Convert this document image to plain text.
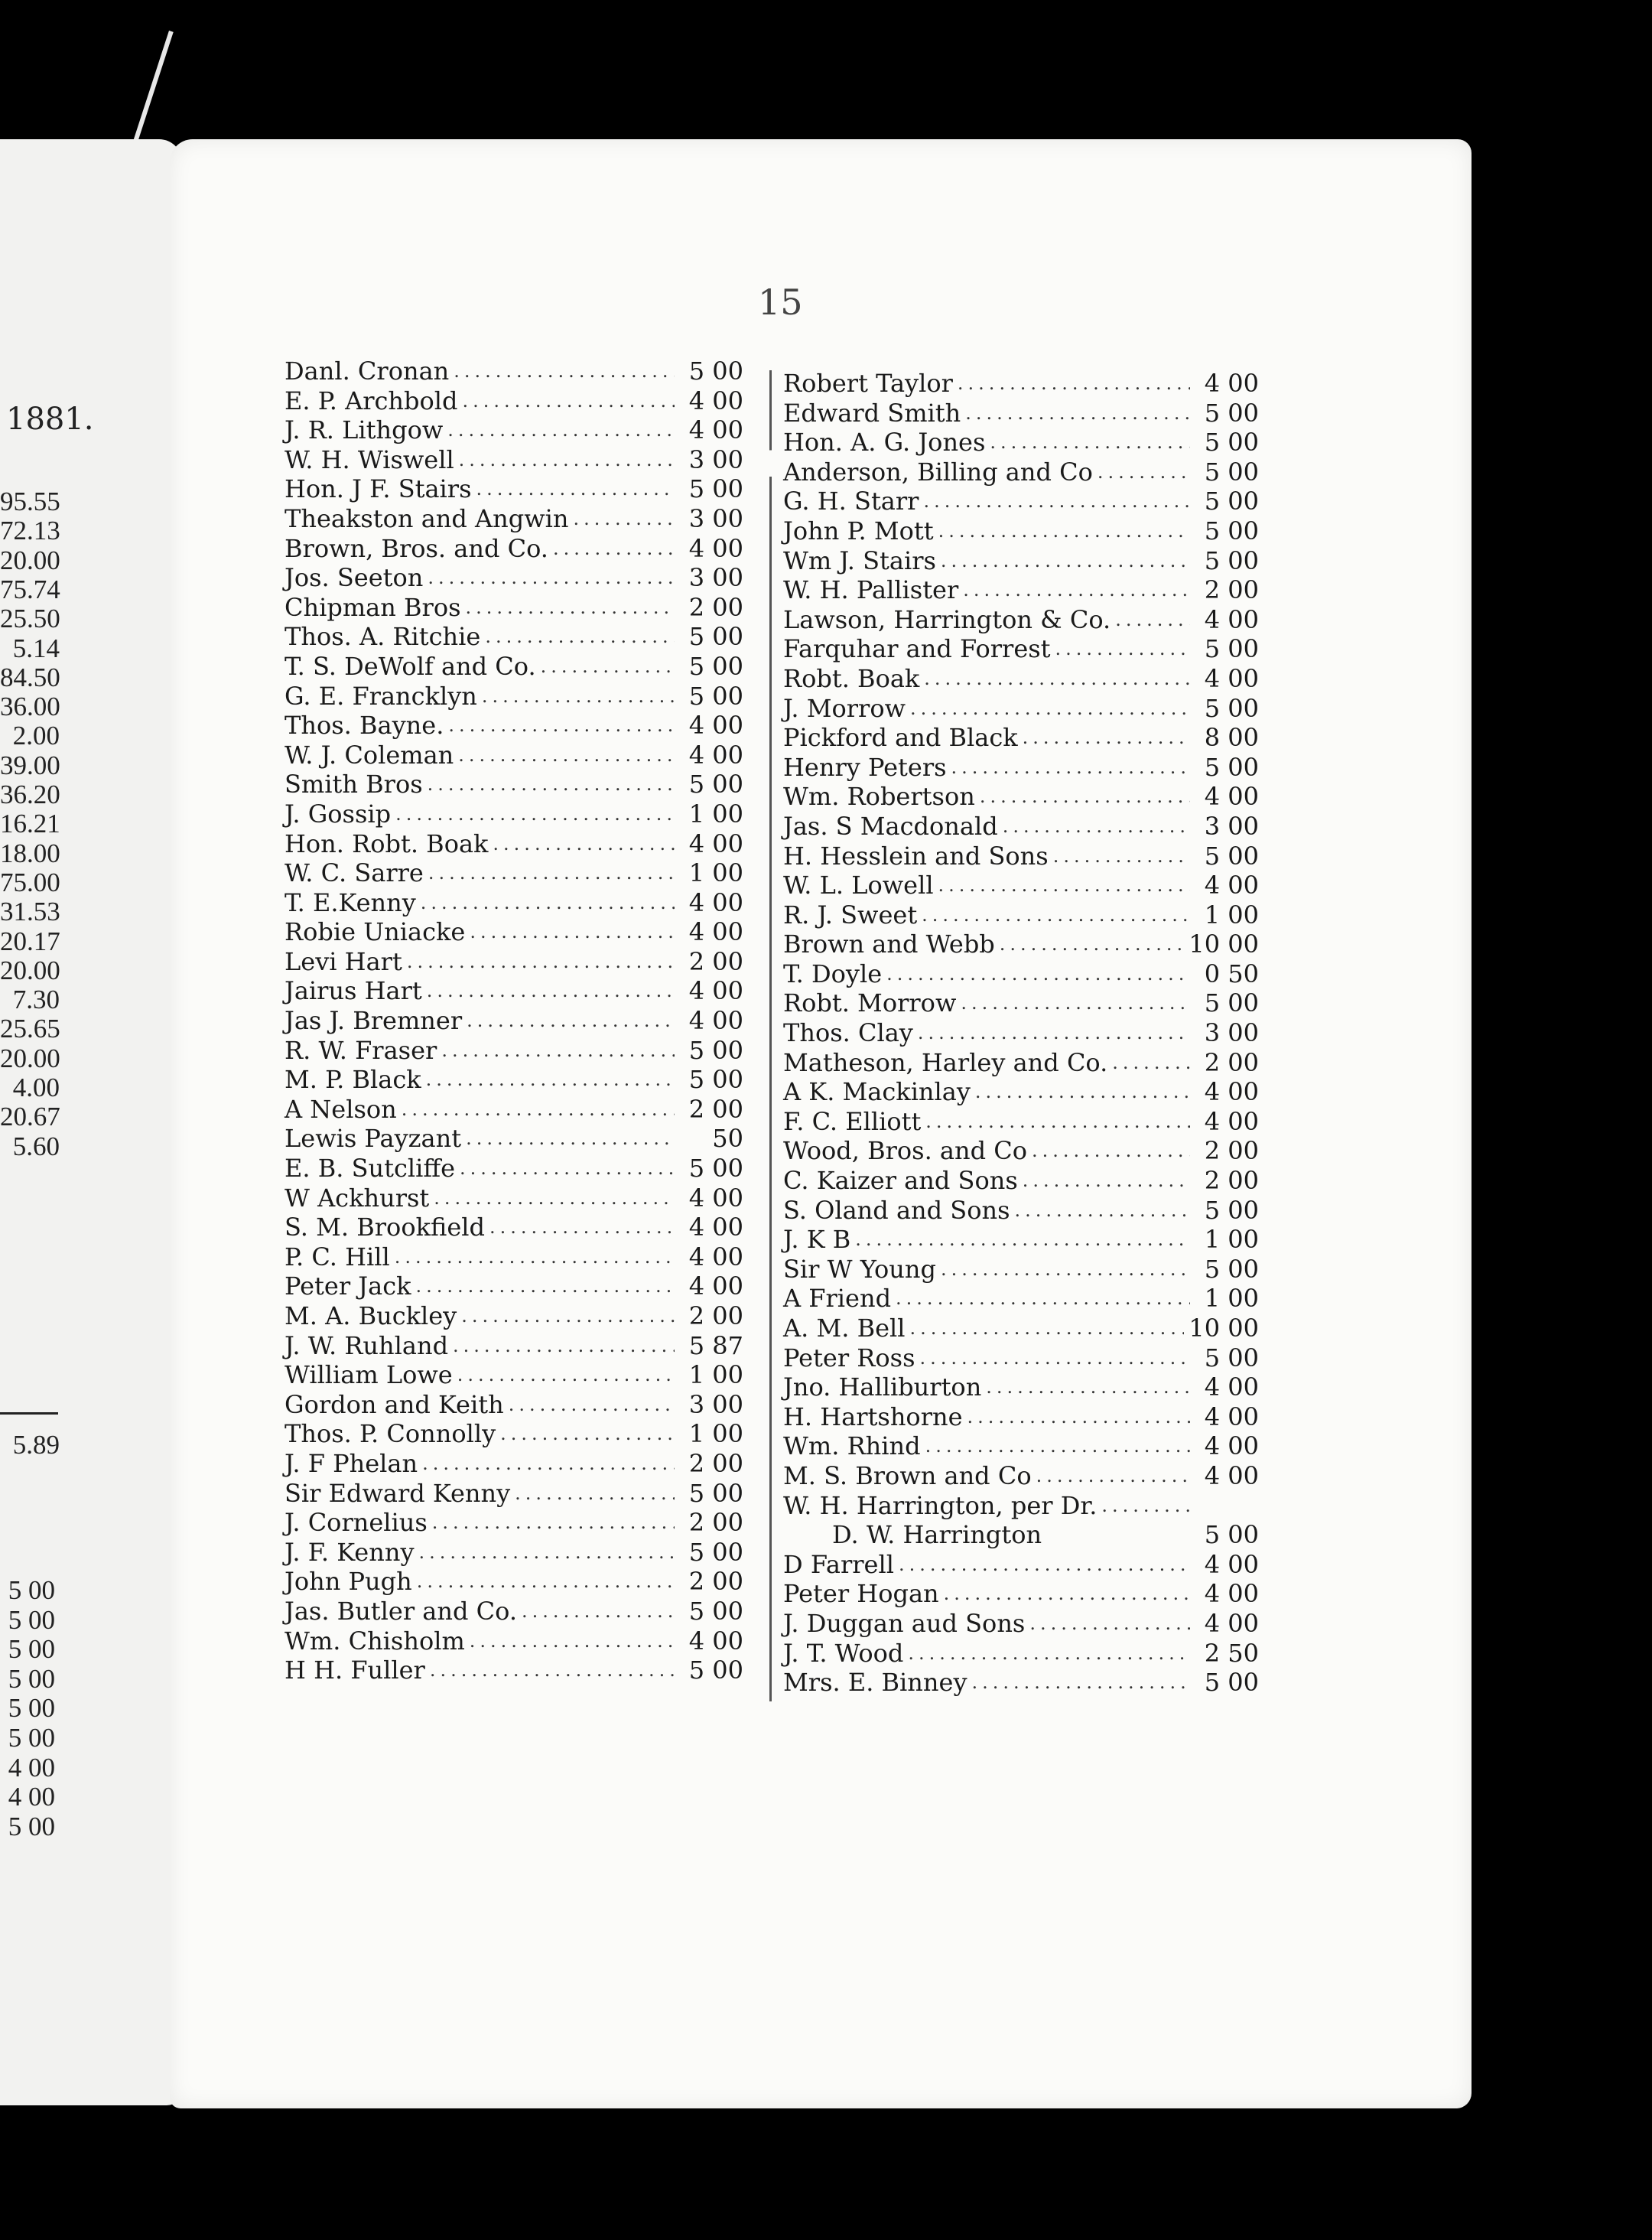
1881.
95.55
72.13
20.00
75.74
25.50
5.14
84.50
36.00
2.00
39.00
36.20
16.21
18.00
75.00
31.53
20.17
20.00
7.30
25.65
20.00
4.00
20.67
5.60
5.89
5 00
5 00
5 00
5 00
5 00
5 00
4 00
4 00
5 00
15
Danl. Cronan .....	5 00
E. P. Archbold .....	4 00
J. R. Lithgow .....	4 00
W. H. Wiswell .....	3 00
Hon. J F. Stairs .....	5 00
Theakston and Angwin .....	3 00
Brown, Bros. and Co. .....	4 00
Jos. Seeton .....	3 00
Chipman Bros .....	2 00
Thos. A. Ritchie .....	5 00
T. S. DeWolf and Co. .....	5 00
G. E. Francklyn .....	5 00
Thos. Bayne. .....	4 00
W. J. Coleman .....	4 00
Smith Bros .....	5 00
J. Gossip .....	1 00
Hon. Robt. Boak .....	4 00
W. C. Sarre .....	1 00
T. E.Kenny .....	4 00
Robie Uniacke .....	4 00
Levi Hart .....	2 00
Jairus Hart .....	4 00
Jas J. Bremner .....	4 00
R. W. Fraser .....	5 00
M. P. Black .....	5 00
A Nelson .....	2 00
Lewis Payzant .....	50
E. B. Sutcliffe .....	5 00
W Ackhurst .....	4 00
S. M. Brookfield .....	4 00
P. C. Hill .....	4 00
Peter Jack .....	4 00
M. A. Buckley .....	2 00
J. W. Ruhland .....	5 87
William Lowe .....	1 00
Gordon and Keith .....	3 00
Thos. P. Connolly .....	1 00
J. F Phelan .....	2 00
Sir Edward Kenny .....	5 00
J. Cornelius .....	2 00
J. F. Kenny .....	5 00
John Pugh .....	2 00
Jas. Butler and Co. .....	5 00
Wm. Chisholm .....	4 00
H H. Fuller .....	5 00
Robert Taylor .....	4 00
Edward Smith .....	5 00
Hon. A. G. Jones .....	5 00
Anderson, Billing and Co .....	5 00
G. H. Starr .....	5 00
John P. Mott .....	5 00
Wm J. Stairs .....	5 00
W. H. Pallister .....	2 00
Lawson, Harrington & Co. .....	4 00
Farquhar and Forrest .....	5 00
Robt. Boak .....	4 00
J. Morrow .....	5 00
Pickford and Black .....	8 00
Henry Peters .....	5 00
Wm. Robertson .....	4 00
Jas. S Macdonald .....	3 00
H. Hesslein and Sons .....	5 00
W. L. Lowell .....	4 00
R. J. Sweet .....	1 00
Brown and Webb .....	10 00
T. Doyle .....	0 50
Robt. Morrow .....	5 00
Thos. Clay .....	3 00
Matheson, Harley and Co. .....	2 00
A K. Mackinlay .....	4 00
F. C. Elliott .....	4 00
Wood, Bros. and Co .....	2 00
C. Kaizer and Sons .....	2 00
S. Oland and Sons .....	5 00
J. K B .....	1 00
Sir W Young .....	5 00
A Friend .....	1 00
A. M. Bell .....	10 00
Peter Ross .....	5 00
Jno. Halliburton .....	4 00
H. Hartshorne .....	4 00
Wm. Rhind .....	4 00
M. S. Brown and Co .....	4 00
W. H. Harrington, per Dr.
.....
D. W. Harrington	5 00
D Farrell .....	4 00
Peter Hogan .....	4 00
J. Duggan aud Sons .....	4 00
J. T. Wood .....	2 50
Mrs. E. Binney .....	5 00
